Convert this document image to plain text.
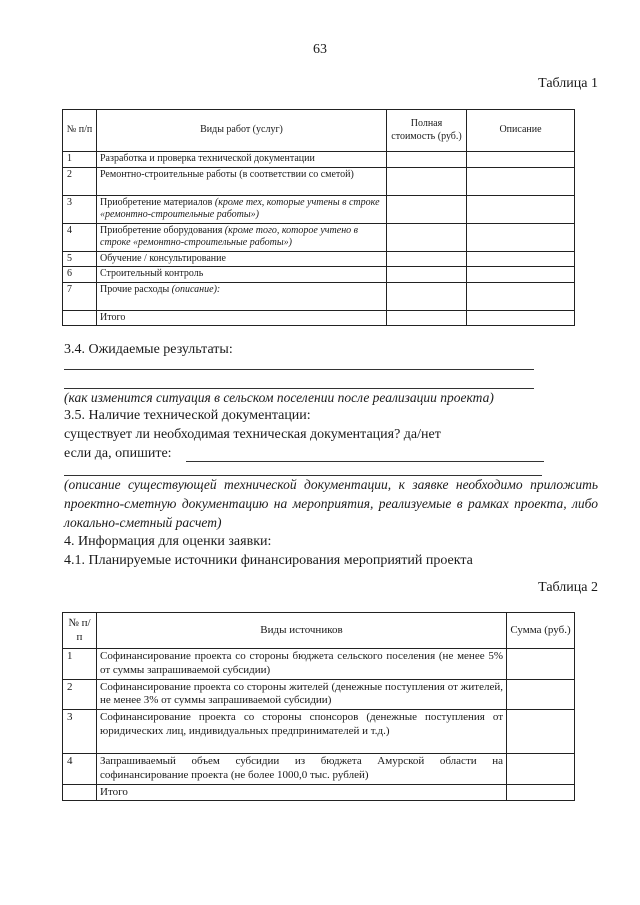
63
Таблица 1
№ п/п	Виды работ (услуг)	Полная стоимость (руб.)	Описание
1	Разработка и проверка технической документации		
2	Ремонтно-строительные работы (в соответствии со сметой)		
3	Приобретение материалов (кроме тех, которые учтены в строке «ремонтно-строительные работы»)		
4	Приобретение оборудования (кроме того, которое учтено в строке «ремонтно-строительные работы»)		
5	Обучение / консультирование		
6	Строительный контроль		
7	Прочие расходы (описание):		
	Итого		
3.4. Ожидаемые результаты:
(как изменится ситуация в сельском поселении после реализации проекта)
3.5. Наличие технической документации:
существует ли необходимая техническая документация? да/нет
если да, опишите:
(описание существующей технической документации, к заявке необходимо приложить проектно-сметную документацию на мероприятия, реализуемые в рамках проекта, либо локально-сметный расчет)
4. Информация для оценки заявки:
4.1. Планируемые источники финансирования мероприятий проекта
Таблица 2
№ п/п	Виды источников	Сумма (руб.)
1	Софинансирование проекта со стороны бюджета сельского поселения (не менее 5% от суммы запрашиваемой субсидии)	
2	Софинансирование проекта со стороны жителей (денежные поступления от жителей, не менее 3% от суммы запрашиваемой субсидии)	
3	Софинансирование проекта со стороны спонсоров (денежные поступления от юридических лиц, индивидуальных предпринимателей и т.д.)	
4	Запрашиваемый объем субсидии из бюджета Амурской области на софинансирование проекта (не более 1000,0 тыс. рублей)	
	Итого	
